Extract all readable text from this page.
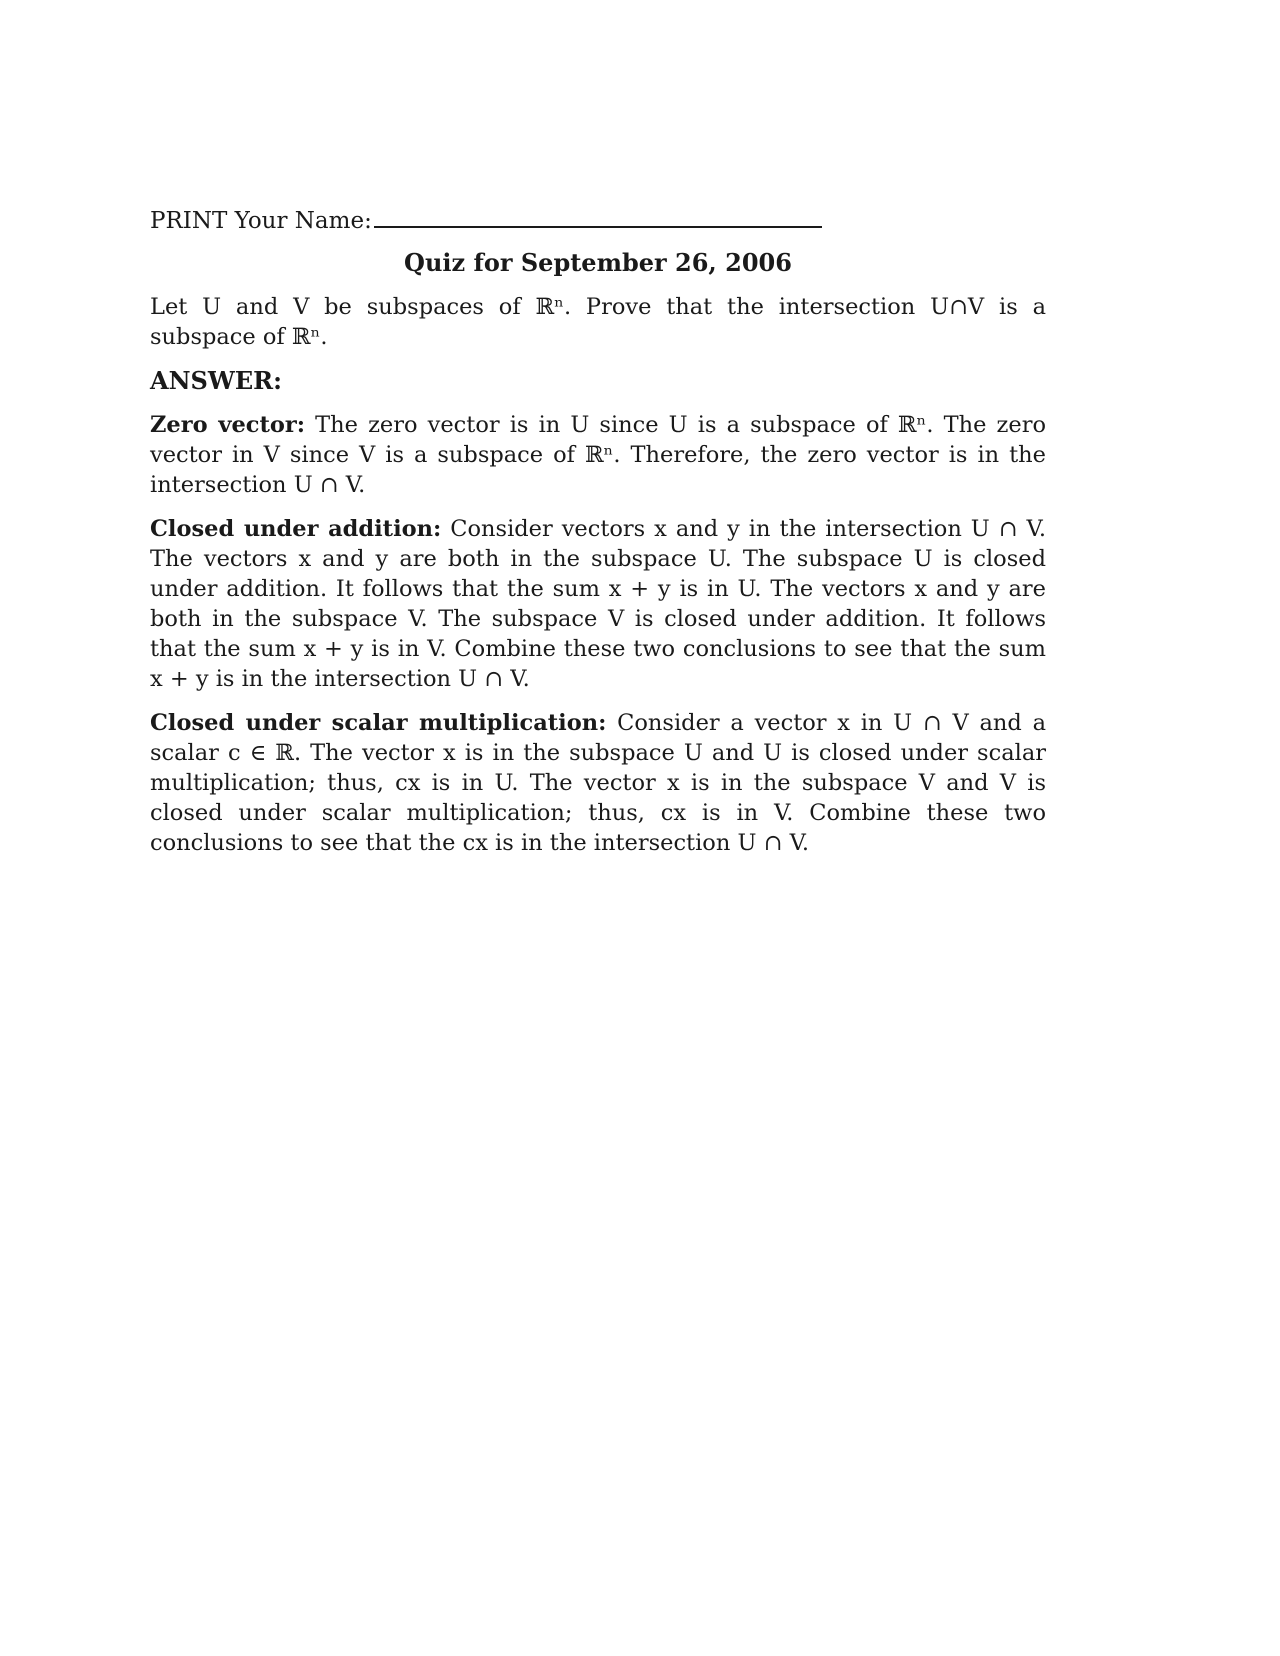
PRINT Your Name:
Quiz for September 26, 2006
Let U and V be subspaces of ℝⁿ. Prove that the intersection U∩V is a subspace of ℝⁿ.
ANSWER:
Zero vector: The zero vector is in U since U is a subspace of ℝⁿ. The zero vector in V since V is a subspace of ℝⁿ. Therefore, the zero vector is in the intersection U ∩ V.
Closed under addition: Consider vectors x and y in the intersection U ∩ V. The vectors x and y are both in the subspace U. The subspace U is closed under addition. It follows that the sum x + y is in U. The vectors x and y are both in the subspace V. The subspace V is closed under addition. It follows that the sum x + y is in V. Combine these two conclusions to see that the sum x + y is in the intersection U ∩ V.
Closed under scalar multiplication: Consider a vector x in U ∩ V and a scalar c ∈ ℝ. The vector x is in the subspace U and U is closed under scalar multiplication; thus, cx is in U. The vector x is in the subspace V and V is closed under scalar multiplication; thus, cx is in V. Combine these two conclusions to see that the cx is in the intersection U ∩ V.
